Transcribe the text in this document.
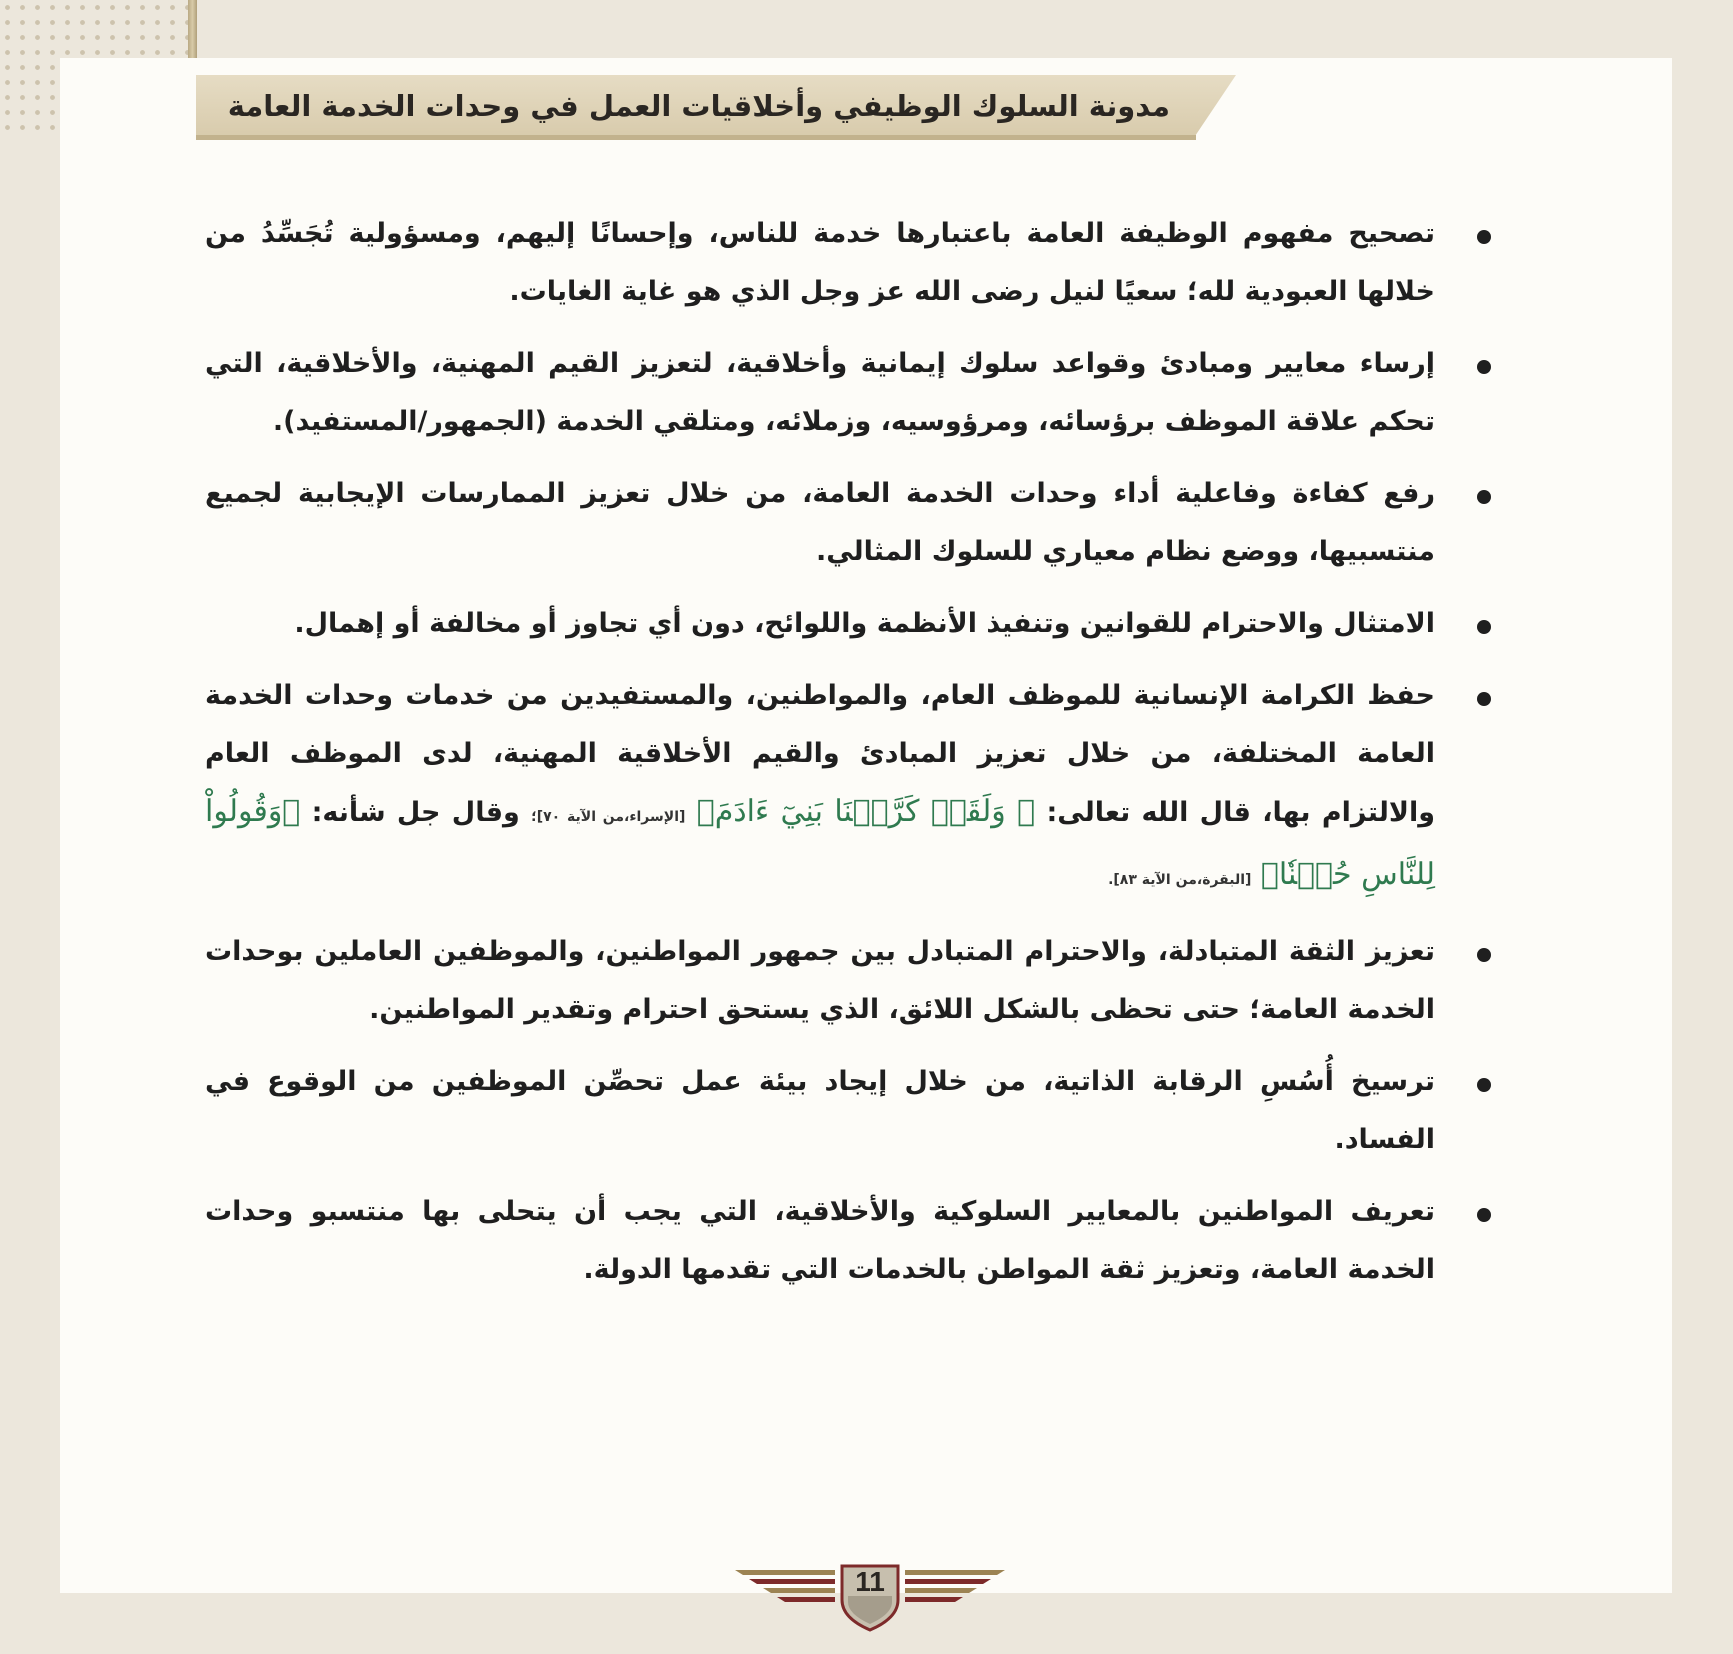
مدونة السلوك الوظيفي وأخلاقيات العمل في وحدات الخدمة العامة
تصحيح مفهوم الوظيفة العامة باعتبارها خدمة للناس، وإحسانًا إليهم، ومسؤولية تُجَسِّدُ من خلالها العبودية لله؛ سعيًا لنيل رضى الله عز وجل الذي هو غاية الغايات.
إرساء معايير ومبادئ وقواعد سلوك إيمانية وأخلاقية، لتعزيز القيم المهنية، والأخلاقية، التي تحكم علاقة الموظف برؤسائه، ومرؤوسيه، وزملائه، ومتلقي الخدمة (الجمهور/المستفيد).
رفع كفاءة وفاعلية أداء وحدات الخدمة العامة، من خلال تعزيز الممارسات الإيجابية لجميع منتسبيها، ووضع نظام معياري للسلوك المثالي.
الامتثال والاحترام للقوانين وتنفيذ الأنظمة واللوائح، دون أي تجاوز أو مخالفة أو إهمال.
حفظ الكرامة الإنسانية للموظف العام، والمواطنين، والمستفيدين من خدمات وحدات الخدمة العامة المختلفة، من خلال تعزيز المبادئ والقيم الأخلاقية المهنية، لدى الموظف العام والالتزام بها، قال الله تعالى: ﴿ وَلَقَدۡ كَرَّمۡنَا بَنِيٓ ءَادَمَ﴾ [الإسراء،من الآية ٧٠]؛ وقال جل شأنه: ﴿وَقُولُواْ لِلنَّاسِ حُسۡنٗا﴾ [البقرة،من الآية ٨٣].
تعزيز الثقة المتبادلة، والاحترام المتبادل بين جمهور المواطنين، والموظفين العاملين بوحدات الخدمة العامة؛ حتى تحظى بالشكل اللائق، الذي يستحق احترام وتقدير المواطنين.
ترسيخ أُسُسِ الرقابة الذاتية، من خلال إيجاد بيئة عمل تحصِّن الموظفين من الوقوع في الفساد.
تعريف المواطنين بالمعايير السلوكية والأخلاقية، التي يجب أن يتحلى بها منتسبو وحدات الخدمة العامة، وتعزيز ثقة المواطن بالخدمات التي تقدمها الدولة.
11
